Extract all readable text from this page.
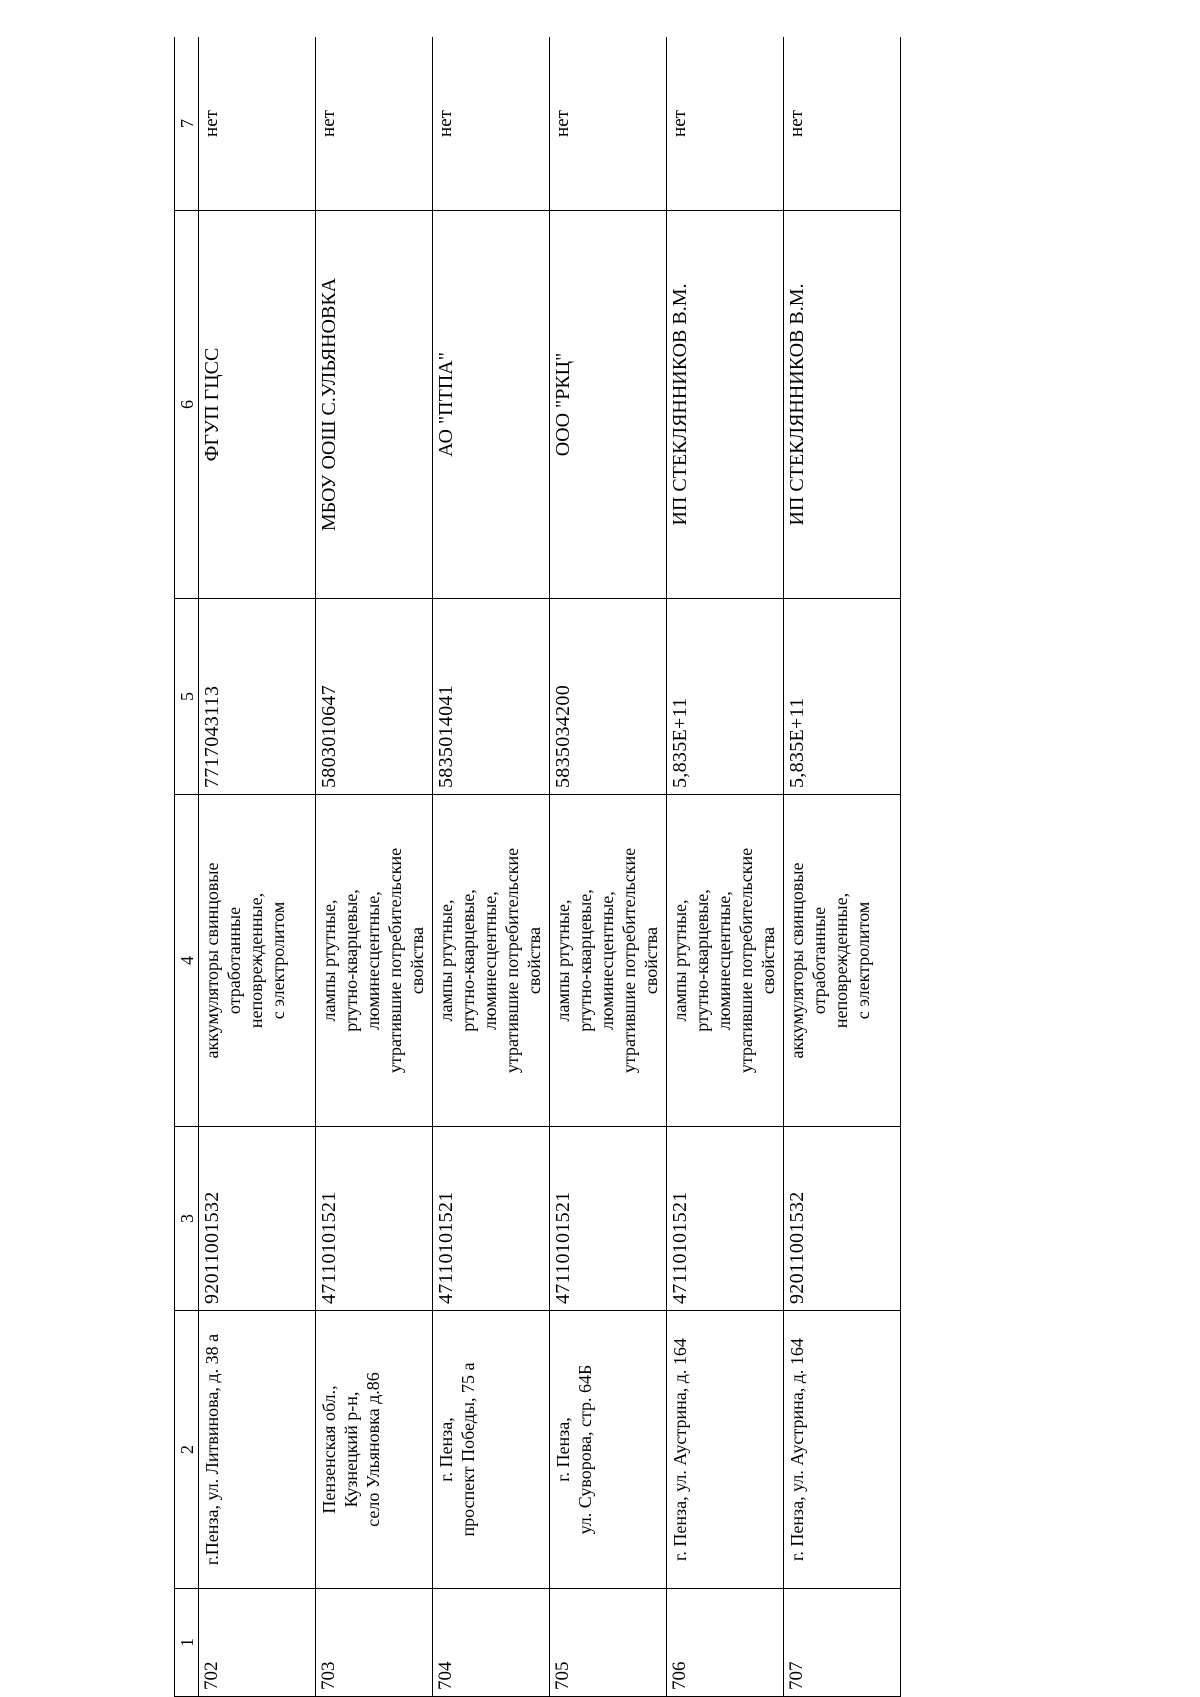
1	2	3	4	5	6	7
702	г.Пенза, ул. Литвинова, д. 38 а	92011001532	аккумуляторы свинцовые
отработанные
неповрежденные,
с электролитом	7717043113	ФГУП ГЦСС	нет
703	Пензенская обл.,
Кузнецкий р-н,
село Ульяновка д.86	47110101521	лампы ртутные,
ртутно-кварцевые,
люминесцентные,
утратившие потребительские
свойства	5803010647	МБОУ ООШ С.УЛЬЯНОВКА	нет
704	г. Пенза,
проспект Победы, 75 а	47110101521	лампы ртутные,
ртутно-кварцевые,
люминесцентные,
утратившие потребительские
свойства	5835014041	АО "ПТПА"	нет
705	г. Пенза,
ул. Суворова, стр. 64Б	47110101521	лампы ртутные,
ртутно-кварцевые,
люминесцентные,
утратившие потребительские
свойства	5835034200	ООО "РКЦ"	нет
706	г. Пенза, ул. Аустрина, д. 164	47110101521	лампы ртутные,
ртутно-кварцевые,
люминесцентные,
утратившие потребительские
свойства	5,835E+11	ИП СТЕКЛЯННИКОВ В.М.	нет
707	г. Пенза, ул. Аустрина, д. 164	92011001532	аккумуляторы свинцовые
отработанные
неповрежденные,
с электролитом	5,835E+11	ИП СТЕКЛЯННИКОВ В.М.	нет
